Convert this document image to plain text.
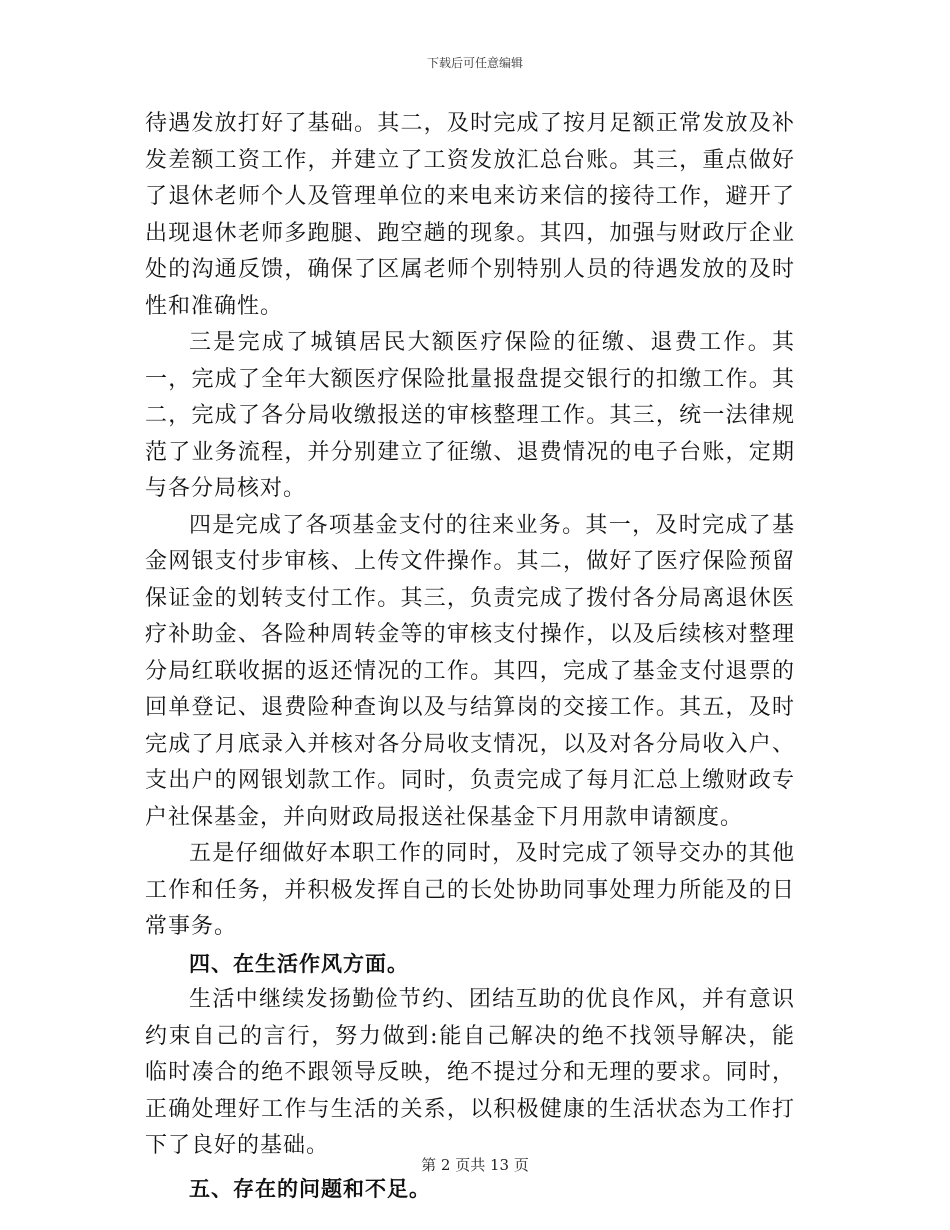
下载后可任意编辑

待遇发放打好了基础。其二，及时完成了按月足额正常发放及补发差额工资工作，并建立了工资发放汇总台账。其三，重点做好了退休老师个人及管理单位的来电来访来信的接待工作，避开了出现退休老师多跑腿、跑空趟的现象。其四，加强与财政厅企业处的沟通反馈，确保了区属老师个别特别人员的待遇发放的及时性和准确性。

三是完成了城镇居民大额医疗保险的征缴、退费工作。其一，完成了全年大额医疗保险批量报盘提交银行的扣缴工作。其二，完成了各分局收缴报送的审核整理工作。其三，统一法律规范了业务流程，并分别建立了征缴、退费情况的电子台账，定期与各分局核对。

四是完成了各项基金支付的往来业务。其一，及时完成了基金网银支付步审核、上传文件操作。其二，做好了医疗保险预留保证金的划转支付工作。其三，负责完成了拨付各分局离退休医疗补助金、各险种周转金等的审核支付操作，以及后续核对整理分局红联收据的返还情况的工作。其四，完成了基金支付退票的回单登记、退费险种查询以及与结算岗的交接工作。其五，及时完成了月底录入并核对各分局收支情况，以及对各分局收入户、支出户的网银划款工作。同时，负责完成了每月汇总上缴财政专户社保基金，并向财政局报送社保基金下月用款申请额度。

五是仔细做好本职工作的同时，及时完成了领导交办的其他工作和任务，并积极发挥自己的长处协助同事处理力所能及的日常事务。

四、在生活作风方面。

生活中继续发扬勤俭节约、团结互助的优良作风，并有意识约束自己的言行，努力做到:能自己解决的绝不找领导解决，能临时凑合的绝不跟领导反映，绝不提过分和无理的要求。同时，正确处理好工作与生活的关系，以积极健康的生活状态为工作打下了良好的基础。

五、存在的问题和不足。

第 2 页共 13 页
